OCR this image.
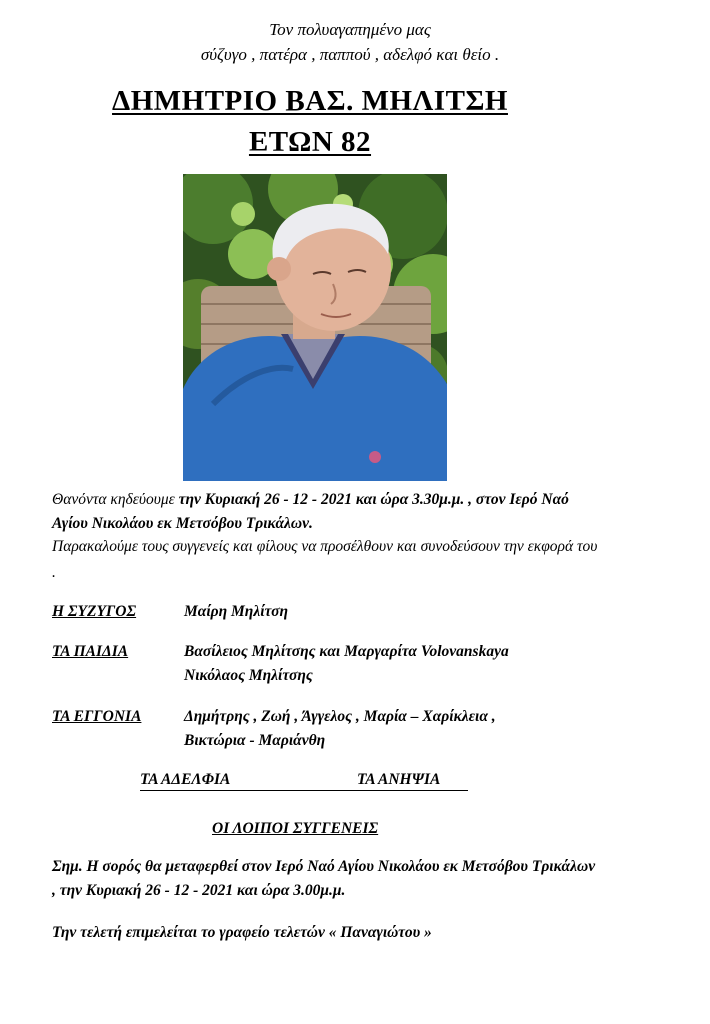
Τον πολυαγαπημένο μας
σύζυγο , πατέρα , παππού , αδελφό και θείο .
ΔΗΜΗΤΡΙΟ ΒΑΣ. ΜΗΛΙΤΣΗ
ΕΤΩΝ 82
Θανόντα κηδεύουμε την Κυριακή 26 - 12 - 2021 και ώρα 3.30μ.μ. , στον Ιερό Ναό
Αγίου Νικολάου εκ Μετσόβου Τρικάλων.
Παρακαλούμε τους συγγενείς και φίλους να προσέλθουν και συνοδεύσουν την εκφορά του
.
Η ΣΥΖΥΓΟΣ	Μαίρη Μηλίτση
ΤΑ ΠΑΙΔΙΑ	Βασίλειος Μηλίτσης και Μαργαρίτα Volovanskaya
Νικόλαος Μηλίτσης
ΤΑ ΕΓΓΟΝΙΑ	Δημήτρης , Ζωή , Άγγελος , Μαρία – Χαρίκλεια ,
Βικτώρια - Μαριάνθη
ΤΑ ΑΔΕΛΦΙΑ	ΤΑ ΑΝΗΨΙΑ
ΟΙ ΛΟΙΠΟΙ ΣΥΓΓΕΝΕΙΣ
Σημ. Η σορός θα μεταφερθεί στον Ιερό Ναό Αγίου Νικολάου εκ Μετσόβου Τρικάλων
, την Κυριακή 26 - 12 - 2021 και ώρα 3.00μ.μ.
Την τελετή επιμελείται το γραφείο τελετών « Παναγιώτου »
